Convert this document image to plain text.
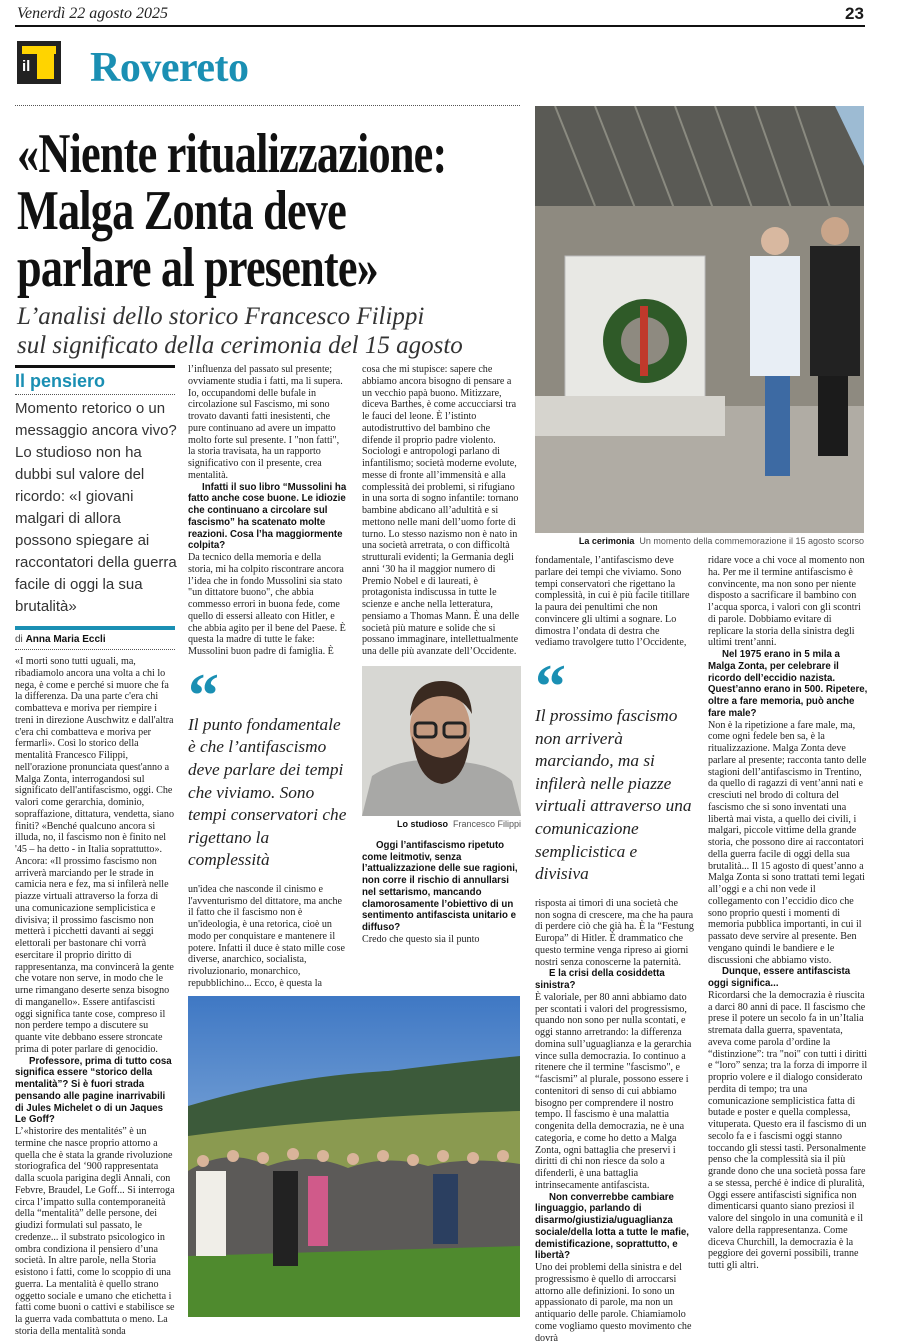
Venerdì 22 agosto 2025	23
il Rovereto
«Niente ritualizzazione:
Malga Zonta deve
parlare al presente»
L’analisi dello storico Francesco Filippi
sul significato della cerimonia del 15 agosto
La cerimonia Un momento della commemorazione il 15 agosto scorso
Il pensiero
Momento retorico o un messaggio ancora vivo? Lo studioso non ha dubbi sul valore del ricordo: «I giovani malgari di allora possono spiegare ai raccontatori della guerra facile di oggi la sua brutalità»
di Anna Maria Eccli

«I morti sono tutti uguali, ma, ribadiamolo ancora una volta a chi lo nega, è come e perché si muore che fa la differenza. Da una parte c'era chi combatteva e moriva per riempire i treni in direzione Auschwitz e dall'altra c'era chi combatteva e moriva per fermarli». Così lo storico della mentalità Francesco Filippi, nell'orazione pronunciata quest'anno a Malga Zonta, interrogandosi sul significato dell'antifascismo, oggi. Che valori come gerarchia, dominio, sopraffazione, dittatura, vendetta, siano finiti? «Benché qualcuno ancora si illuda, no, il fascismo non è finito nel '45 – ha detto - in Italia soprattutto». Ancora: «Il prossimo fascismo non arriverà marciando per le strade in camicia nera e fez, ma si infilerà nelle piazze virtuali attraverso la forza di una comunicazione semplicistica e divisiva; il prossimo fascismo non metterà i picchetti davanti ai seggi elettorali per bastonare chi vorrà esercitare il proprio diritto di rappresentanza, ma convincerà la gente che votare non serve, in modo che le urne rimangano deserte senza bisogno di manganello». Essere antifascisti oggi significa tante cose, compreso il non perdere tempo a discutere su quante vite debbano essere stroncate prima di poter parlare di genocidio.

Professore, prima di tutto cosa significa essere “storico della mentalità”? Si è fuori strada pensando alle pagine inarrivabili di Jules Michelet o di un Jaques Le Goff?

L’«historire des mentalités” è un termine che nasce proprio attorno a quella che è stata la grande rivoluzione storiografica del ‘900 rappresentata dalla scuola parigina degli Annali, con Febvre, Braudel, Le Goff... Si interroga circa l’impatto sulla contemporaneità della “mentalità” delle persone, dei giudizi formulati sul passato, le credenze... il substrato psicologico in ombra condiziona il pensiero d’una società. In altre parole, nella Storia esistono i fatti, come lo scoppio di una guerra. La mentalità è quello strano oggetto sociale e umano che etichetta i fatti come buoni o cattivi e stabilisce se la guerra vada combattuta o meno. La storia della mentalità sonda

l’influenza del passato sul presente; ovviamente studia i fatti, ma li supera. Io, occupandomi delle bufale in circolazione sul Fascismo, mi sono trovato davanti fatti inesistenti, che pure continuano ad avere un impatto molto forte sul presente. I "non fatti", la storia travisata, ha un rapporto significativo con il presente, crea mentalità.

Infatti il suo libro “Mussolini ha fatto anche cose buone. Le idiozie che continuano a circolare sul fascismo” ha scatenato molte reazioni. Cosa l’ha maggiormente colpita?

Da tecnico della memoria e della storia, mi ha colpito riscontrare ancora l’idea che in fondo Mussolini sia stato "un dittatore buono", che abbia commesso errori in buona fede, come quello di essersi alleato con Hitler, e che abbia agito per il bene del Paese. È questa la madre di tutte le fake: Mussolini buon padre di famiglia. È

“
Il punto fondamentale è che l’antifascismo deve parlare dei tempi che viviamo. Sono tempi conservatori che rigettano la complessità

un'idea che nasconde il cinismo e l'avventurismo del dittatore, ma anche il fatto che il fascismo non è un'ideologia, è una retorica, cioè un modo per conquistare e mantenere il potere. Infatti il duce è stato mille cose diverse, anarchico, socialista, rivoluzionario, monarchico, repubblichino... Ecco, è questa la

cosa che mi stupisce: sapere che abbiamo ancora bisogno di pensare a un vecchio papà buono. Mitizzare, diceva Barthes, è come accucciarsi tra le fauci del leone. È l’istinto autodistruttivo del bambino che difende il proprio padre violento. Sociologi e antropologi parlano di infantilismo; società moderne evolute, messe di fronte all’immensità e alla complessità dei problemi, si rifugiano in una sorta di sogno infantile: tornano bambine abdicano all’adultità e si mettono nelle mani dell’uomo forte di turno. Lo stesso nazismo non è nato in una società arretrata, o con difficoltà strutturali evidenti; la Germania degli anni ‘30 ha il maggior numero di Premio Nobel e di laureati, è protagonista indiscussa in tutte le scienze e anche nella letteratura, pensiamo a Thomas Mann. È una delle società più mature e solide che si possano immaginare, intellettualmente una delle più avanzate dell’Occidente.

Lo studioso Francesco Filippi

Oggi l’antifascismo ripetuto come leitmotiv, senza l’attualizzazione delle sue ragioni, non corre il rischio di annullarsi nel settarismo, mancando clamorosamente l’obiettivo di un sentimento antifascista unitario e diffuso?

Credo che questo sia il punto

fondamentale, l’antifascismo deve parlare dei tempi che viviamo. Sono tempi conservatori che rigettano la complessità, in cui è più facile titillare la paura dei penultimi che non convincere gli ultimi a sognare. Lo dimostra l’ondata di destra che vediamo travolgere tutto l’Occidente,

“
Il prossimo fascismo non arriverà marciando, ma si infilerà nelle piazze virtuali attraverso una comunicazione semplicistica e divisiva

risposta ai timori di una società che non sogna di crescere, ma che ha paura di perdere ciò che già ha. È la “Festung Europa” di Hitler. È drammatico che questo termine venga ripreso ai giorni nostri senza conoscerne la paternità.

E la crisi della cosiddetta sinistra?

È valoriale, per 80 anni abbiamo dato per scontati i valori del progressismo, quando non sono per nulla scontati, e oggi stanno arretrando: la differenza domina sull’uguaglianza e la gerarchia vince sulla democrazia. Io continuo a ritenere che il termine "fascismo", e “fascismi” al plurale, possono essere i contenitori di senso di cui abbiamo bisogno per comprendere il nostro tempo. Il fascismo è una malattia congenita della democrazia, ne è una categoria, e come ho detto a Malga Zonta, ogni battaglia che preservi i diritti di chi non riesce da solo a difenderli, è una battaglia intrinsecamente antifascista.

Non converrebbe cambiare linguaggio, parlando di disarmo/giustizia/uguaglianza sociale/della lotta a tutte le mafie, demistificazione, soprattutto, e libertà?

Uno dei problemi della sinistra e del progressismo è quello di arroccarsi attorno alle definizioni. Io sono un appassionato di parole, ma non un antiquario delle parole. Chiamiamolo come vogliamo questo movimento che dovrà

ridare voce a chi voce al momento non ha. Per me il termine antifascismo è convincente, ma non sono per niente disposto a sacrificare il bambino con l’acqua sporca, i valori con gli scontri di parole. Dobbiamo evitare di replicare la storia della sinistra degli ultimi trent’anni.

Nel 1975 erano in 5 mila a Malga Zonta, per celebrare il ricordo dell’eccidio nazista. Quest’anno erano in 500. Ripetere, oltre a fare memoria, può anche fare male?

Non è la ripetizione a fare male, ma, come ogni fedele ben sa, è la ritualizzazione. Malga Zonta deve parlare al presente; racconta tanto delle stagioni dell’antifascismo in Trentino, da quello di ragazzi di vent’anni nati e cresciuti nel brodo di coltura del fascismo che si sono inventati una libertà mai vista, a quello dei civili, i malgari, piccole vittime della grande storia, che possono dire ai raccontatori della guerra facile di oggi della sua brutalità... Il 15 agosto di quest’anno a Malga Zonta si sono trattati temi legati all’oggi e a chi non vede il collegamento con l’eccidio dico che sono proprio questi i momenti di memoria pubblica importanti, in cui il passato deve servire al presente. Ben vengano quindi le bandiere e le discussioni che abbiamo visto.

Dunque, essere antifascista oggi significa...

Ricordarsi che la democrazia è riuscita a darci 80 anni di pace. Il fascismo che prese il potere un secolo fa in un’Italia stremata dalla guerra, spaventata, aveva come parola d’ordine la “distinzione”: tra "noi" con tutti i diritti e “loro” senza; tra la forza di imporre il proprio volere e il dialogo considerato perdita di tempo; tra una comunicazione semplicistica fatta di butade e poster e quella complessa, vituperata. Questo era il fascismo di un secolo fa e i fascismi oggi stanno toccando gli stessi tasti. Personalmente penso che la complessità sia il più grande dono che una società possa fare a se stessa, perché è indice di pluralità, Oggi essere antifascisti significa non dimenticarsi quanto siano preziosi il valore del singolo in una comunità e il valore della rappresentanza. Come diceva Churchill, la democrazia è la peggiore dei governi possibili, tranne tutti gli altri.
